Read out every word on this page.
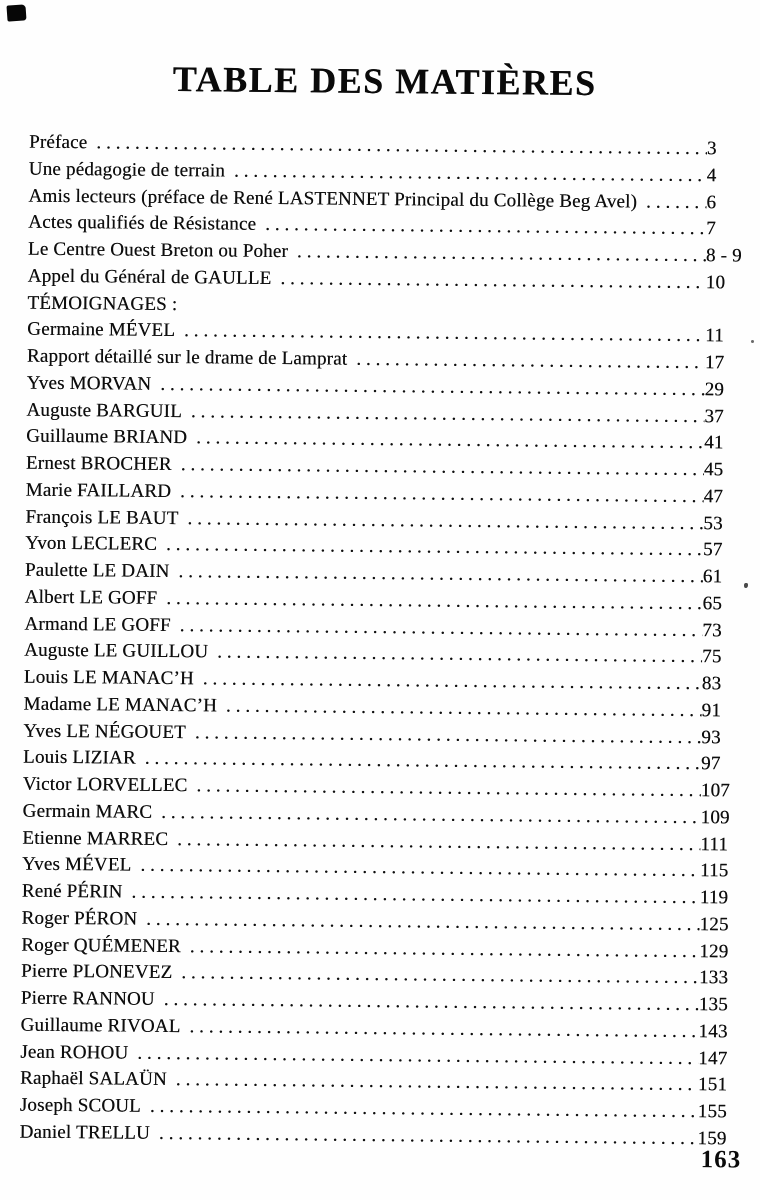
TABLE DES MATIÈRES
Préface .....	3
Une pédagogie de terrain .....	4
Amis lecteurs (préface de René LASTENNET Principal du Collège Beg Avel) .....	6
Actes qualifiés de Résistance .....	7
Le Centre Ouest Breton ou Poher .....	8 - 9
Appel du Général de GAULLE .....	10
TÉMOIGNAGES :
Germaine MÉVEL .....	11
Rapport détaillé sur le drame de Lamprat .....	17
Yves MORVAN .....	29
Auguste BARGUIL .....	37
Guillaume BRIAND .....	41
Ernest BROCHER .....	45
Marie FAILLARD .....	47
François LE BAUT .....	53
Yvon LECLERC .....	57
Paulette LE DAIN .....	61
Albert LE GOFF .....	65
Armand LE GOFF .....	73
Auguste LE GUILLOU .....	75
Louis LE MANAC’H .....	83
Madame LE MANAC’H .....	91
Yves LE NÉGOUET .....	93
Louis LIZIAR .....	97
Victor LORVELLEC .....	107
Germain MARC .....	109
Etienne MARREC .....	111
Yves MÉVEL .....	115
René PÉRIN .....	119
Roger PÉRON .....	125
Roger QUÉMENER .....	129
Pierre PLONEVEZ .....	133
Pierre RANNOU .....	135
Guillaume RIVOAL .....	143
Jean ROHOU .....	147
Raphaël SALAÜN .....	151
Joseph SCOUL .....	155
Daniel TRELLU .....	159
163
